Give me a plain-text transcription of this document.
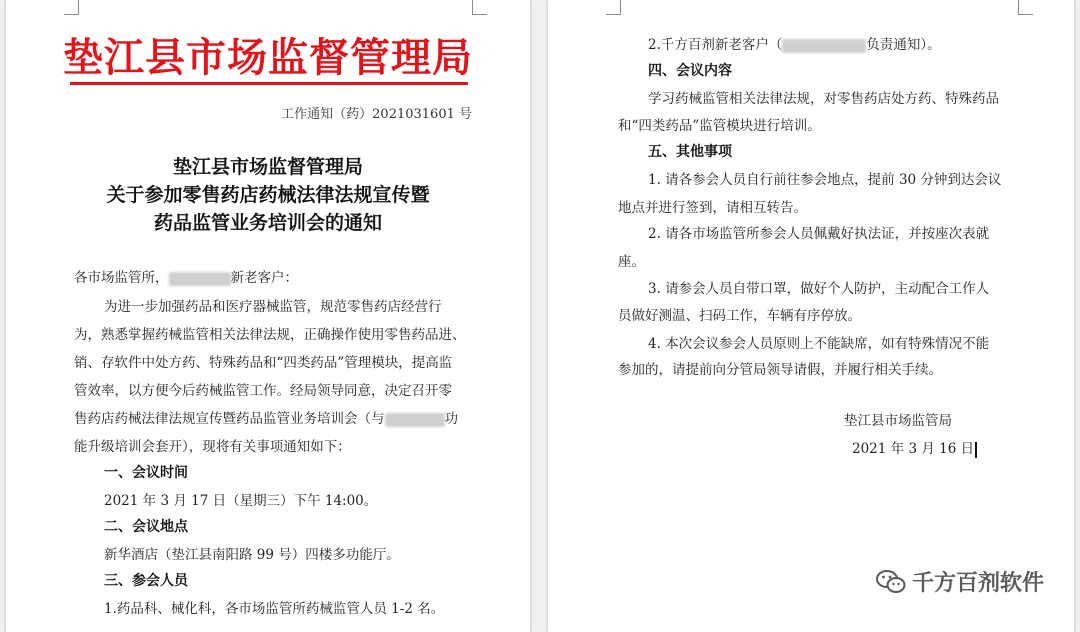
垫江县市场监督管理局
工作通知（药）2021031601 号
垫江县市场监督管理局
关于参加零售药店药械法律法规宣传暨
药品监管业务培训会的通知
各市场监管所，	新老客户：
为进一步加强药品和医疗器械监管，规范零售药店经营行
为，熟悉掌握药械监管相关法律法规，正确操作使用零售药品进、
销、存软件中处方药、特殊药品和“四类药品”管理模块，提高监
管效率，以方便今后药械监管工作。经局领导同意，决定召开零
售药店药械法律法规宣传暨药品监管业务培训会（与	功
能升级培训会套开），现将有关事项通知如下：
一、会议时间
2021 年 3 月 17 日（星期三）下午 14:00。
二、会议地点
新华酒店（垫江县南阳路 99 号）四楼多功能厅。
三、参会人员
1.药品科、械化科，各市场监管所药械监管人员 1-2 名。
2.千方百剂新老客户（	负责通知）。
四、会议内容
学习药械监管相关法律法规，对零售药店处方药、特殊药品
和“四类药品”监管模块进行培训。
五、其他事项
1. 请各参会人员自行前往参会地点，提前 30 分钟到达会议
地点并进行签到，请相互转告。
2. 请各市场监管所参会人员佩戴好执法证，并按座次表就
座。
3. 请参会人员自带口罩，做好个人防护，主动配合工作人
员做好测温、扫码工作，车辆有序停放。
4. 本次会议参会人员原则上不能缺席，如有特殊情况不能
参加的，请提前向分管局领导请假，并履行相关手续。
垫江县市场监管局
2021 年 3 月 16 日
千方百剂软件
